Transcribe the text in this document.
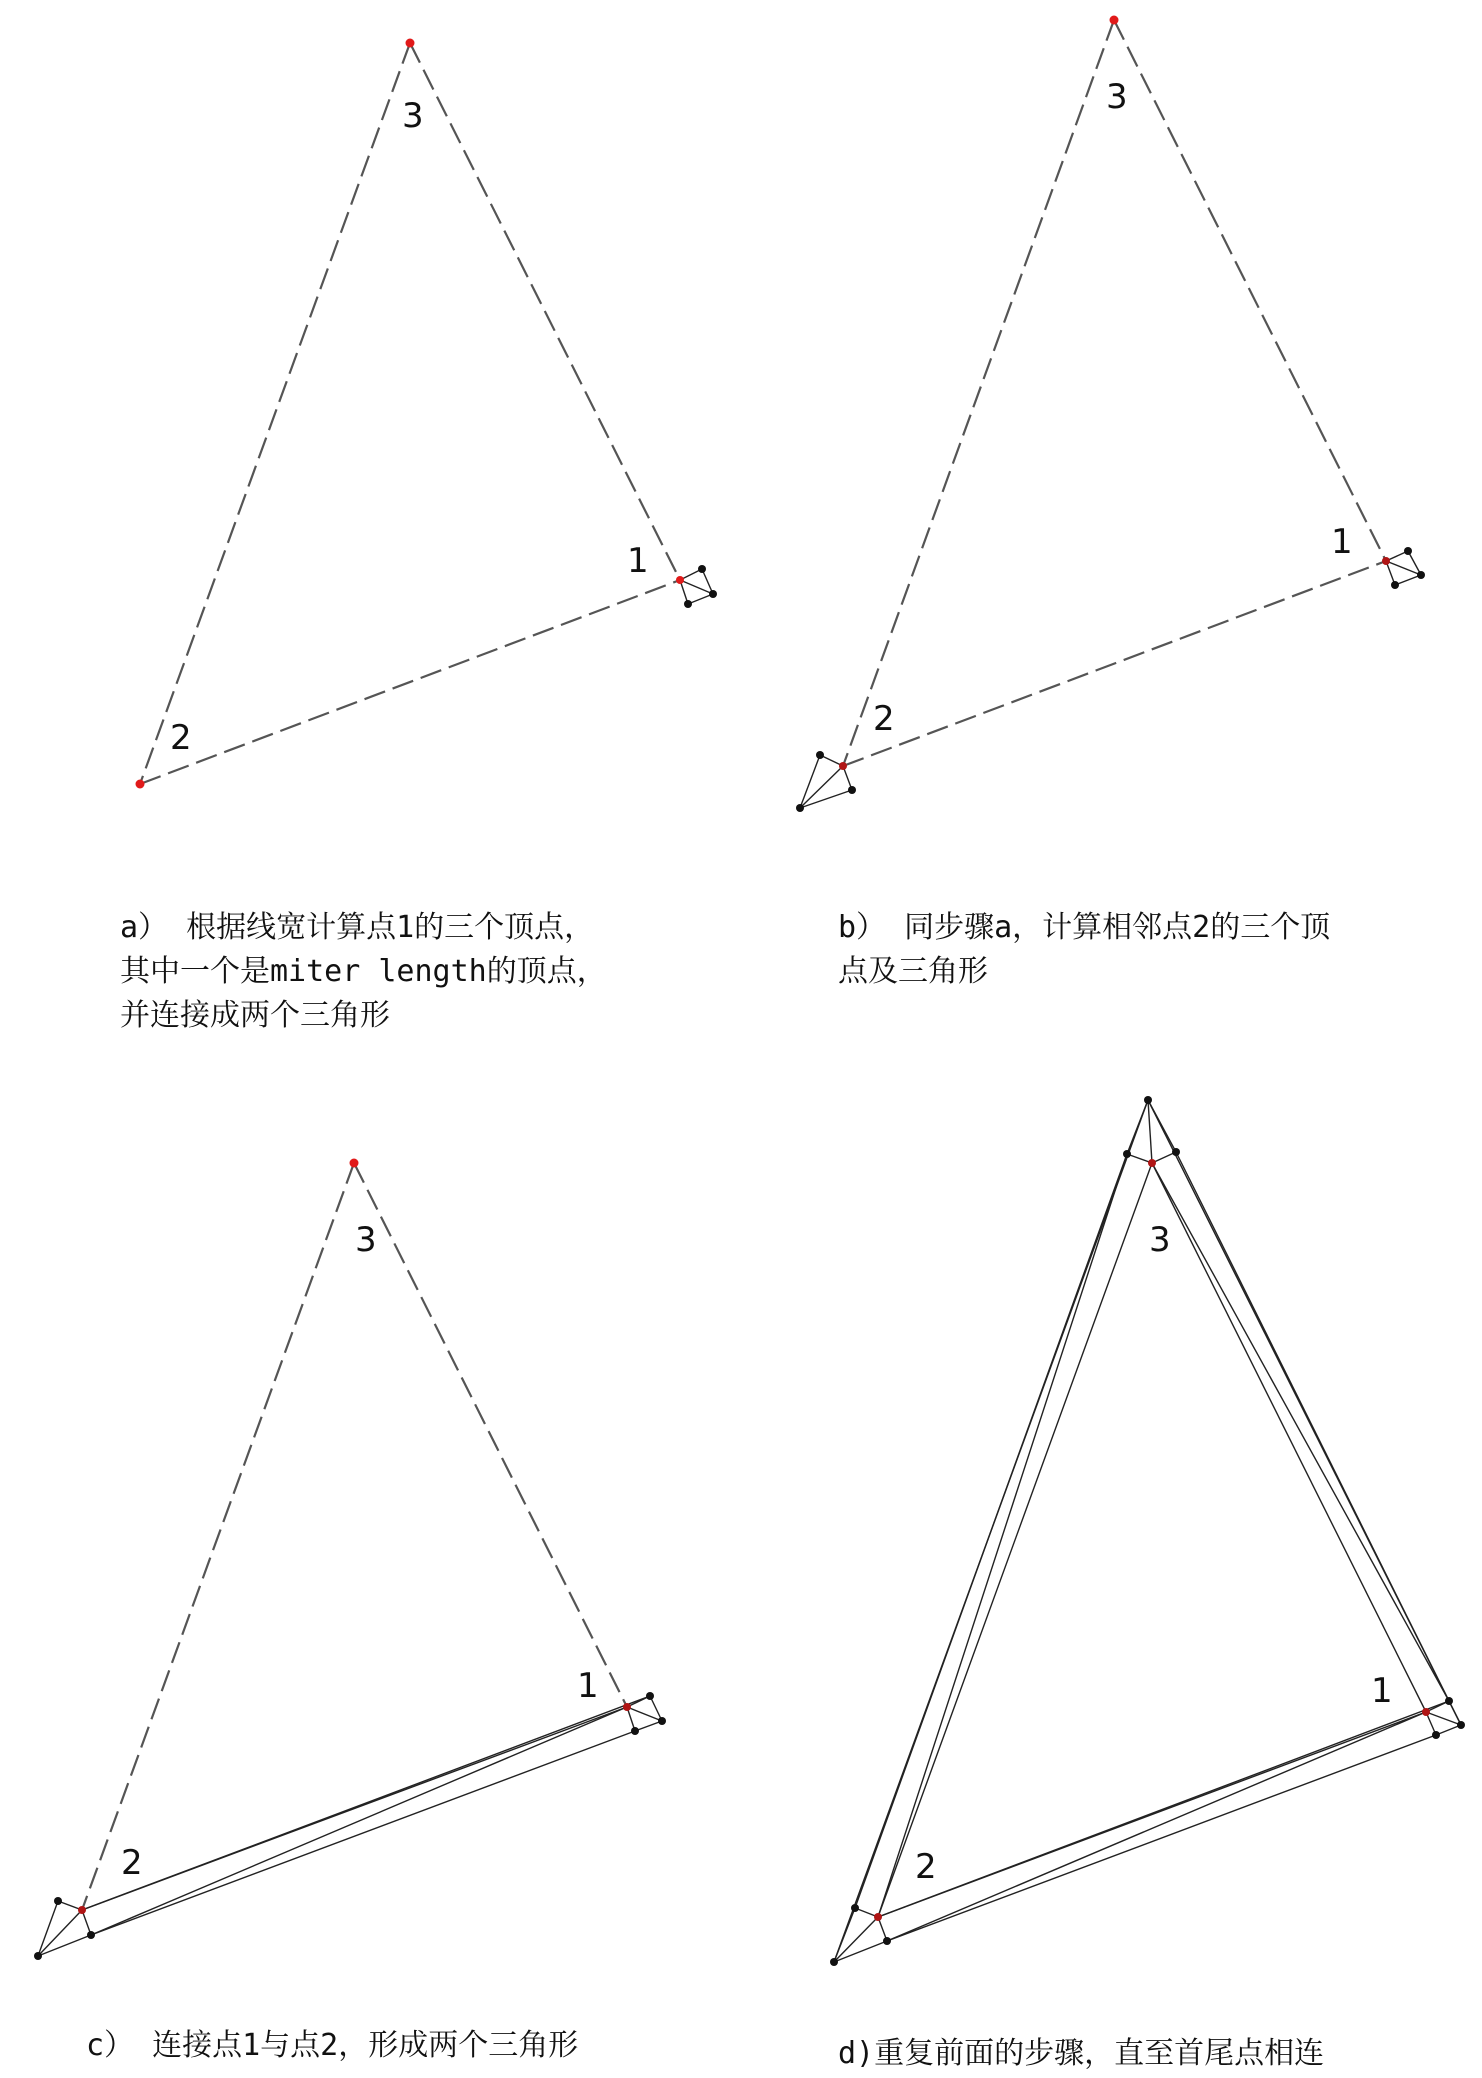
1
2
3
1
2
3
1
2
3
1
2
3
a） 根据线宽计算点1的三个顶点，
其中一个是miter length的顶点，
并连接成两个三角形
b） 同步骤a，计算相邻点2的三个顶
点及三角形
c） 连接点1与点2，形成两个三角形	d)重复前面的步骤，直至首尾点相连
